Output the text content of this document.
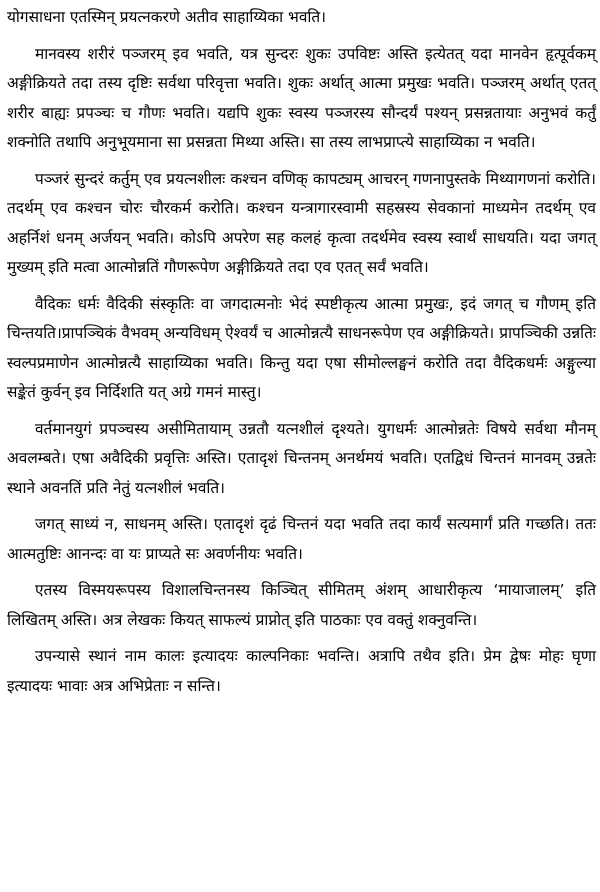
योगसाधना एतस्मिन् प्रयत्नकरणे अतीव साहाय्यिका भवति।

मानवस्य शरीरं पञ्जरम् इव भवति, यत्र सुन्दरः शुकः उपविष्टः अस्ति इत्येतत् यदा मानवेन हृत्पूर्वकम् अङ्गीक्रियते तदा तस्य दृष्टिः सर्वथा परिवृत्ता भवति। शुकः अर्थात् आत्मा प्रमुखः भवति। पञ्जरम् अर्थात् एतत् शरीर बाह्यः प्रपञ्चः च गौणः भवति। यद्यपि शुकः स्वस्य पञ्जरस्य सौन्दर्यं पश्यन् प्रसन्नतायाः अनुभवं कर्तुं शक्नोति तथापि अनुभूयमाना सा प्रसन्नता मिथ्या अस्ति। सा तस्य लाभप्राप्त्ये साहाय्यिका न भवति।

पञ्जरं सुन्दरं कर्तुम् एव प्रयत्नशीलः कश्चन वणिक् कापट्यम् आचरन् गणनापुस्तके मिथ्यागणनां करोति। तदर्थम् एव कश्चन चोरः चौरकर्म करोति। कश्चन यन्त्रागारस्वामी सहस्रस्य सेवकानां माध्यमेन तदर्थम् एव अहर्निशं धनम् अर्जयन् भवति। कोऽपि अपरेण सह कलहं कृत्वा तदर्थमेव स्वस्य स्वार्थं साधयति। यदा जगत् मुख्यम् इति मत्वा आत्मोन्नतिं गौणरूपेण अङ्गीक्रियते तदा एव एतत् सर्वं भवति।

वैदिकः धर्मः वैदिकी संस्कृतिः वा जगदात्मनोः भेदं स्पष्टीकृत्य आत्मा प्रमुखः, इदं जगत् च गौणम् इति चिन्तयति।प्रापञ्चिकं वैभवम् अन्यविधम् ऐश्वर्यं च आत्मोन्नत्यै साधनरूपेण एव अङ्गीक्रियते। प्रापञ्चिकी उन्नतिः स्वल्पप्रमाणेन आत्मोन्नत्यै साहाय्यिका भवति। किन्तु यदा एषा सीमोल्लङ्घनं करोति तदा वैदिकधर्मः अङ्गुल्या सङ्केतं कुर्वन् इव निर्दिशति यत् अग्रे गमनं मास्तु।

वर्तमानयुगं प्रपञ्चस्य असीमितायाम् उन्नतौ यत्नशीलं दृश्यते। युगधर्मः आत्मोन्नतेः विषये सर्वथा मौनम् अवलम्बते। एषा अवैदिकी प्रवृत्तिः अस्ति। एतादृशं चिन्तनम् अनर्थमयं भवति। एतद्विधं चिन्तनं मानवम् उन्नतेः स्थाने अवनतिं प्रति नेतुं यत्नशीलं भवति।

जगत् साध्यं न, साधनम् अस्ति। एतादृशं दृढं चिन्तनं यदा भवति तदा कार्यं सत्यमार्गं प्रति गच्छति। ततः आत्मतुष्टिः आनन्दः वा यः प्राप्यते सः अवर्णनीयः भवति।

एतस्य विस्मयरूपस्य विशालचिन्तनस्य किञ्चित् सीमितम् अंशम् आधारीकृत्य ‘मायाजालम्’ इति लिखितम् अस्ति। अत्र लेखकः कियत् साफल्यं प्राप्नोत् इति पाठकाः एव वक्तुं शक्नुवन्ति।

उपन्यासे स्थानं नाम कालः इत्यादयः काल्पनिकाः भवन्ति। अत्रापि तथैव इति। प्रेम द्वेषः मोहः घृणा इत्यादयः भावाः अत्र अभिप्रेताः न सन्ति।
